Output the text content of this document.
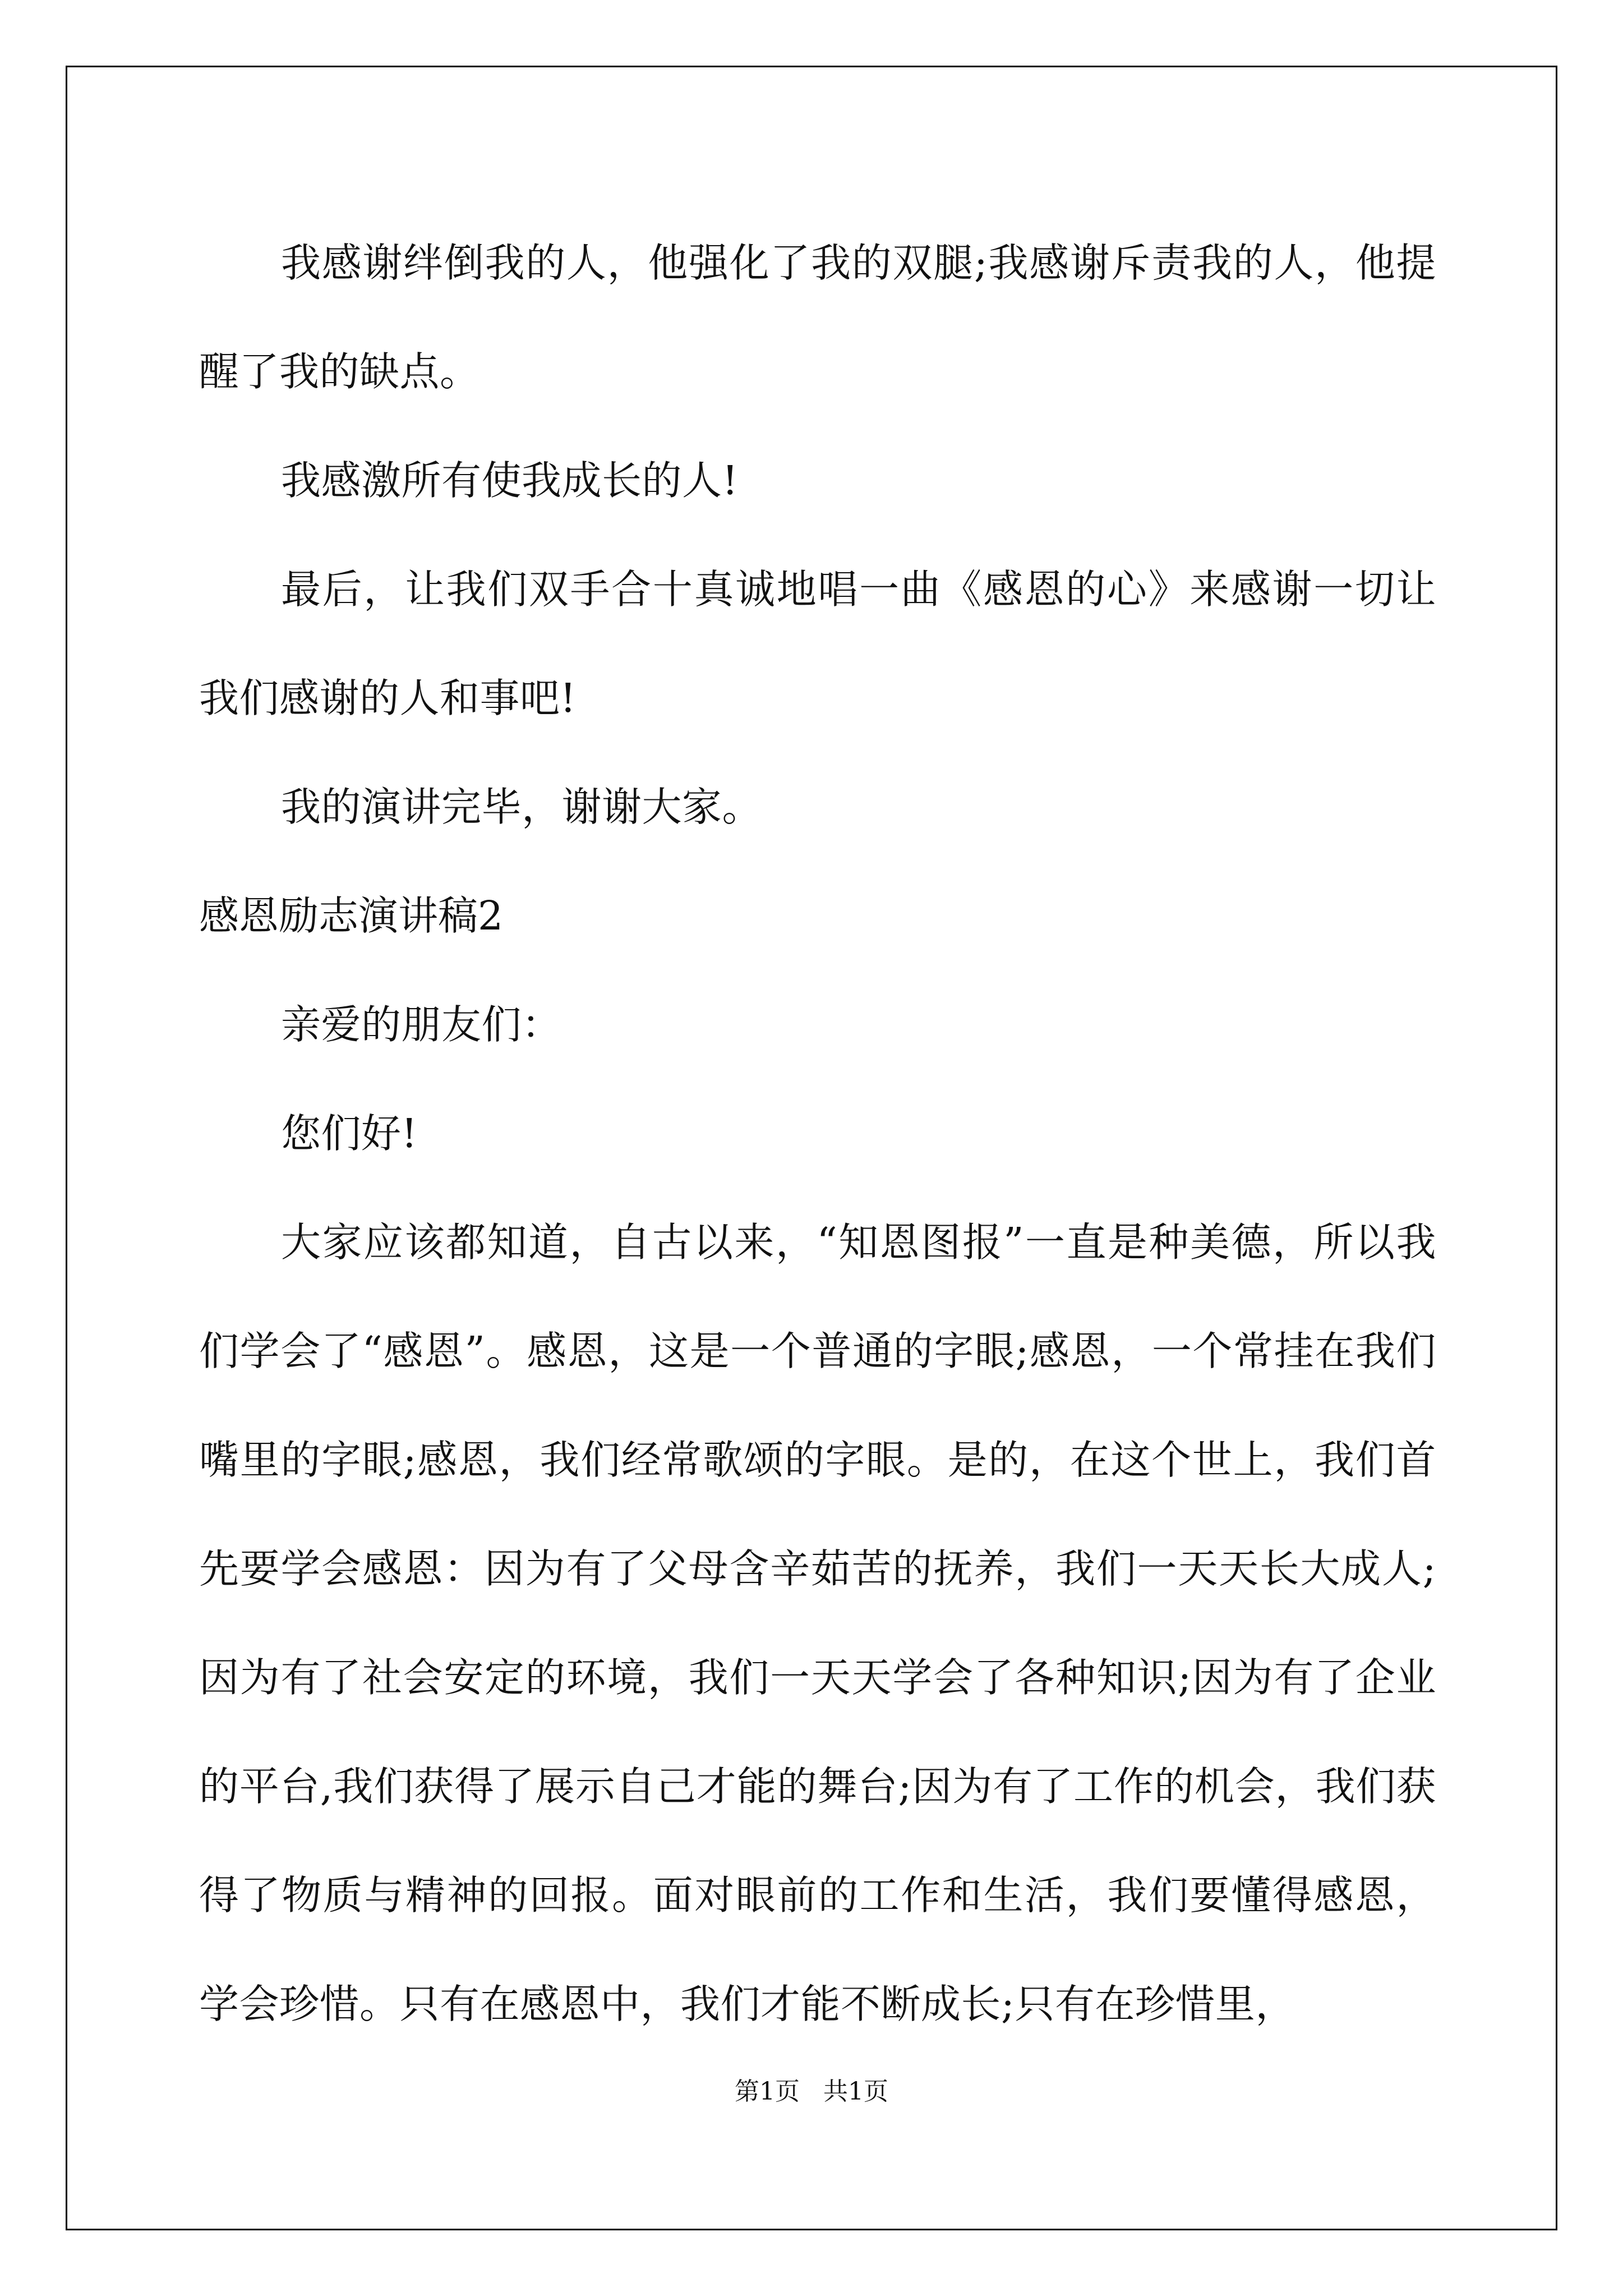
我感谢绊倒我的人，他强化了我的双腿;我感谢斥责我的人，他提醒了我的缺点。

我感激所有使我成长的人!

最后，让我们双手合十真诚地唱一曲《感恩的心》来感谢一切让我们感谢的人和事吧!

我的演讲完毕，谢谢大家。

感恩励志演讲稿2

亲爱的朋友们：

您们好!

大家应该都知道，自古以来，“知恩图报”一直是种美德，所以我们学会了“感恩”。感恩，这是一个普通的字眼;感恩，一个常挂在我们嘴里的字眼;感恩，我们经常歌颂的字眼。是的，在这个世上，我们首先要学会感恩：因为有了父母含辛茹苦的抚养，我们一天天长大成人;因为有了社会安定的环境，我们一天天学会了各种知识;因为有了企业的平台,我们获得了展示自己才能的舞台;因为有了工作的机会，我们获得了物质与精神的回报。面对眼前的工作和生活，我们要懂得感恩，学会珍惜。只有在感恩中，我们才能不断成长;只有在珍惜里，

第1页   共1页
